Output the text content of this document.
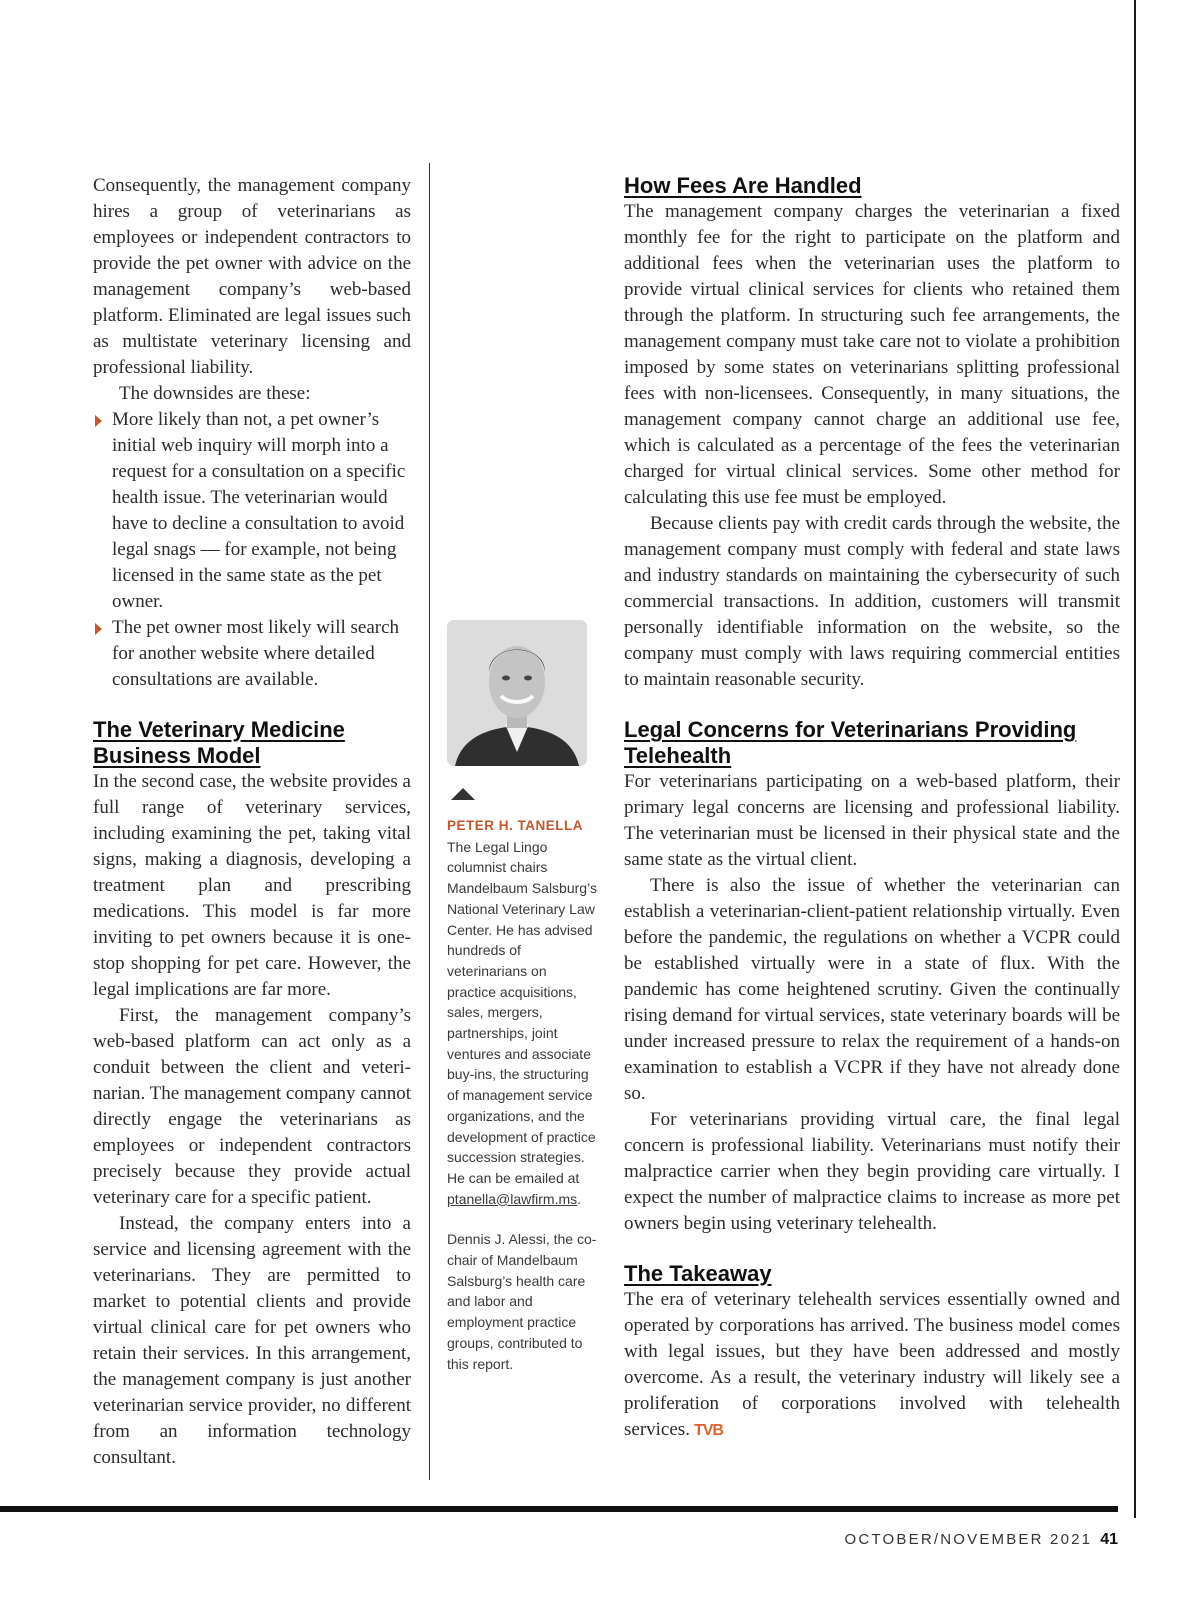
Consequently, the management company hires a group of veterinarians as employees or independent contractors to provide the pet owner with advice on the management company’s web-based platform. Eliminated are legal issues such as multistate veterinary licensing and professional liability.

The downsides are these:

More likely than not, a pet owner’s initial web inquiry will morph into a request for a consultation on a specific health issue. The veterinarian would have to decline a consultation to avoid legal snags — for example, not being licensed in the same state as the pet owner.
The pet owner most likely will search for another website where detailed consultations are available.
The Veterinary Medicine Business Model

In the second case, the website provides a full range of veterinary services, including examining the pet, taking vital signs, making a diagnosis, developing a treatment plan and prescribing medications. This model is far more inviting to pet owners because it is one-stop shopping for pet care. However, the legal implications are far more.

First, the management company’s web-based platform can act only as a conduit between the client and veterinarian. The management company cannot directly engage the veterinarians as employees or independent contractors precisely because they provide actual veterinary care for a specific patient.

Instead, the company enters into a service and licensing agreement with the veterinarians. They are permitted to market to potential clients and provide virtual clinical care for pet owners who retain their services. In this arrangement, the management company is just another veterinarian service provider, no different from an information technology consultant.

PETER H. TANELLA

The Legal Lingo columnist chairs Mandelbaum Salsburg’s National Veterinary Law Center. He has advised hundreds of veterinarians on practice acquisitions, sales, mergers, partnerships, joint ventures and associate buy-ins, the structuring of management service organizations, and the development of practice succession strategies. He can be emailed at ptanella@lawfirm.ms.

Dennis J. Alessi, the co-chair of Mandelbaum Salsburg’s health care and labor and employment practice groups, contributed to this report.

How Fees Are Handled

The management company charges the veterinarian a fixed monthly fee for the right to participate on the platform and additional fees when the veterinarian uses the platform to provide virtual clinical services for clients who retained them through the platform. In structuring such fee arrangements, the management company must take care not to violate a prohibition imposed by some states on veterinarians splitting professional fees with non-licensees. Consequently, in many situations, the management company cannot charge an additional use fee, which is calculated as a percentage of the fees the veterinarian charged for virtual clinical services. Some other method for calculating this use fee must be employed.

Because clients pay with credit cards through the website, the management company must comply with federal and state laws and industry standards on maintaining the cybersecurity of such commercial transactions. In addition, customers will transmit personally identifiable information on the website, so the company must comply with laws requiring commercial entities to maintain reasonable security.

Legal Concerns for Veterinarians Providing Telehealth

For veterinarians participating on a web-based platform, their primary legal concerns are licensing and professional liability. The veterinarian must be licensed in their physical state and the same state as the virtual client.

There is also the issue of whether the veterinarian can establish a veterinarian-client-patient relationship virtually. Even before the pandemic, the regulations on whether a VCPR could be established virtually were in a state of flux. With the pandemic has come heightened scrutiny. Given the continually rising demand for virtual services, state veterinary boards will be under increased pressure to relax the requirement of a hands-on examination to establish a VCPR if they have not already done so.

For veterinarians providing virtual care, the final legal concern is professional liability. Veterinarians must notify their malpractice carrier when they begin providing care virtually. I expect the number of malpractice claims to increase as more pet owners begin using veterinary telehealth.

The Takeaway

The era of veterinary telehealth services essentially owned and operated by corporations has arrived. The business model comes with legal issues, but they have been addressed and mostly overcome. As a result, the veterinary industry will likely see a proliferation of corporations involved with telehealth services. TVB

OCTOBER/NOVEMBER 2021 41
